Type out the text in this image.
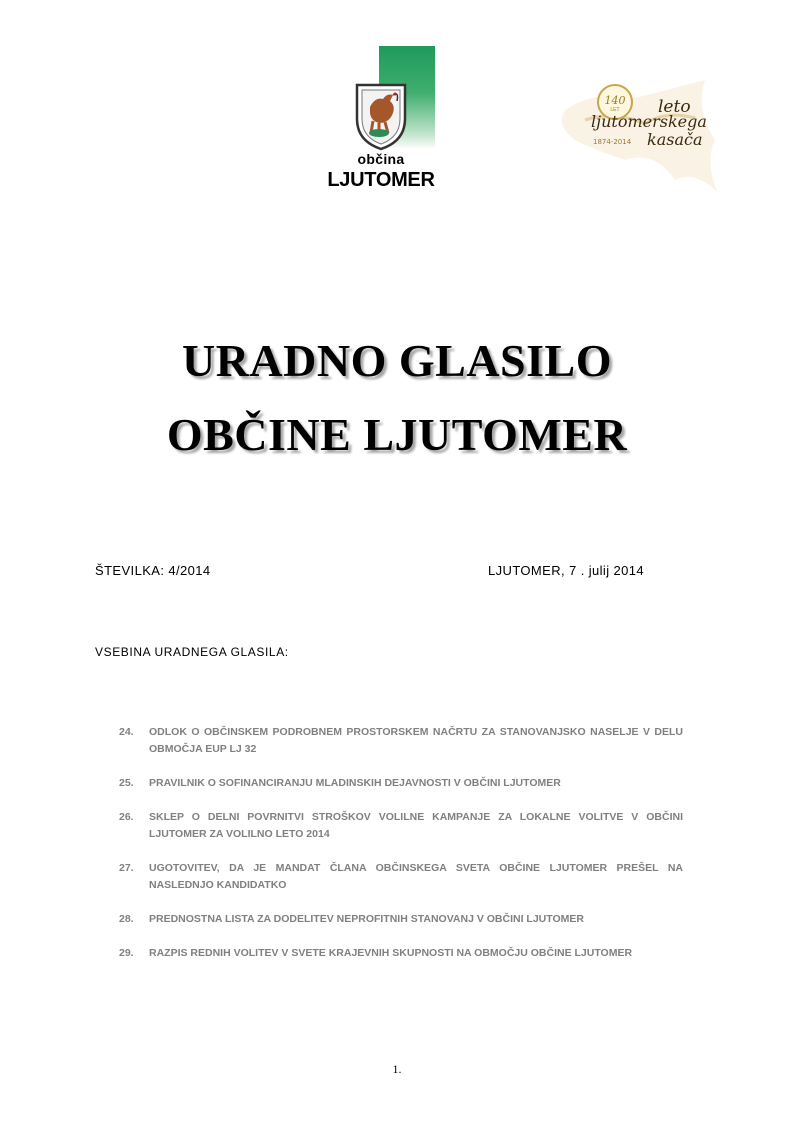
občina
LJUTOMER
140
LET	leto
ljutomerskega
1874-2014 kasača
URADNO GLASILO
OBČINE LJUTOMER
ŠTEVILKA: 4/2014	LJUTOMER, 7 . julij 2014
VSEBINA URADNEGA GLASILA:
24.	ODLOK O OBČINSKEM PODROBNEM PROSTORSKEM NAČRTU ZA STANOVANJSKO NASELJE V DELU OBMOČJA EUP LJ 32
25.	PRAVILNIK O SOFINANCIRANJU MLADINSKIH DEJAVNOSTI V OBČINI LJUTOMER
26.	SKLEP O DELNI POVRNITVI STROŠKOV VOLILNE KAMPANJE ZA LOKALNE VOLITVE V OBČINI LJUTOMER ZA VOLILNO LETO 2014
27.	UGOTOVITEV, DA JE MANDAT ČLANA OBČINSKEGA SVETA OBČINE LJUTOMER PREŠEL NA NASLEDNJO KANDIDATKO
28.	PREDNOSTNA LISTA ZA DODELITEV NEPROFITNIH STANOVANJ V OBČINI LJUTOMER
29.	RAZPIS REDNIH VOLITEV V SVETE KRAJEVNIH SKUPNOSTI NA OBMOČJU OBČINE LJUTOMER
1.
